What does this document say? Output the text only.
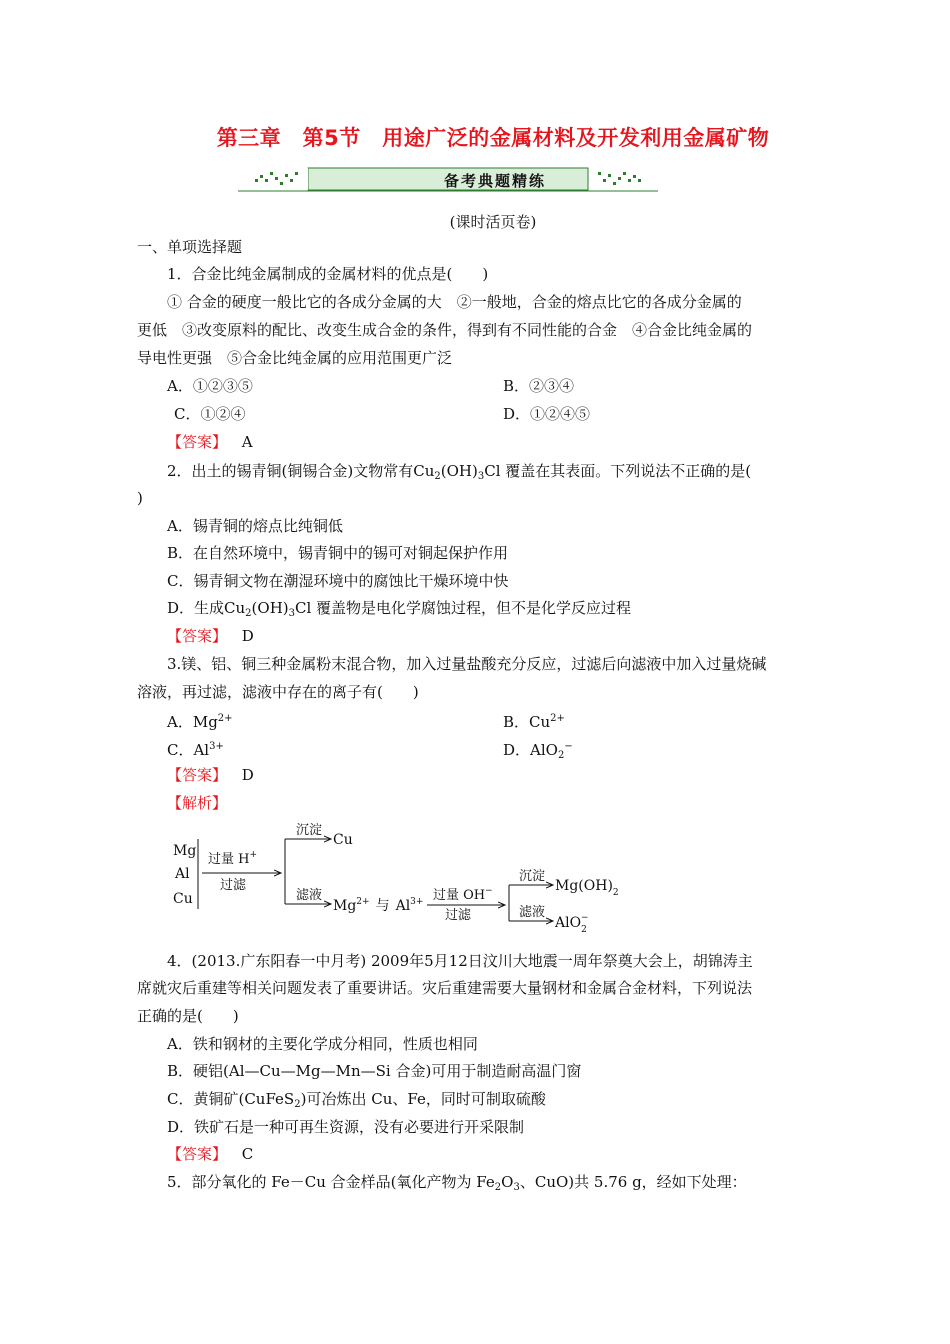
第三章　第5节　用途广泛的金属材料及开发利用金属矿物
备考典题精练
(课时活页卷)
一、单项选择题
1．合金比纯金属制成的金属材料的优点是(　　)
① 合金的硬度一般比它的各成分金属的大　②一般地，合金的熔点比它的各成分金属的
更低　③改变原料的配比、改变生成合金的条件，得到有不同性能的合金　④合金比纯金属的
导电性更强　⑤合金比纯金属的应用范围更广泛
A．①②③⑤	B．②③④
C．①②④	D．①②④⑤
【答案】 A
2．出土的锡青铜(铜锡合金)文物常有$Cu_2(OH)_3Cl$ 覆盖在其表面。下列说法不正确的是(
)
A．锡青铜的熔点比纯铜低
B．在自然环境中，锡青铜中的锡可对铜起保护作用
C．锡青铜文物在潮湿环境中的腐蚀比干燥环境中快
D．生成$Cu_2(OH)_3Cl$ 覆盖物是电化学腐蚀过程，但不是化学反应过程
【答案】 D
3.镁、铝、铜三种金属粉末混合物，加入过量盐酸充分反应，过滤后向滤液中加入过量烧碱
溶液，再过滤，滤液中存在的离子有(　　)
A．$Mg^{2+}$	B．$Cu^{2+}$
C．$Al^{3+}$	D．AlO$_2$−
【答案】 D
【解析】
Mg
Al
Cu
过量 H+
过滤
沉淀
Cu
滤液
$Mg^{2+}$ 与 $Al^{3+}$ 过量 OH−
过滤
沉淀
$Mg(OH)_2$
滤液
AlO$_2$−
4．(2013.广东阳春一中月考) 2009年5月12日汶川大地震一周年祭奠大会上，胡锦涛主
席就灾后重建等相关问题发表了重要讲话。灾后重建需要大量钢材和金属合金材料，下列说法
正确的是(　　)
A．铁和钢材的主要化学成分相同，性质也相同
B．硬铝(Al—Cu—Mg—Mn—Si 合金)可用于制造耐高温门窗
C．黄铜矿(CuFeS$_2$)可冶炼出 Cu、Fe，同时可制取硫酸
D．铁矿石是一种可再生资源，没有必要进行开采限制
【答案】 C
5．部分氧化的 Fe－Cu 合金样品(氧化产物为 $Fe_2O_3$、CuO)共 5.76 g，经如下处理：
